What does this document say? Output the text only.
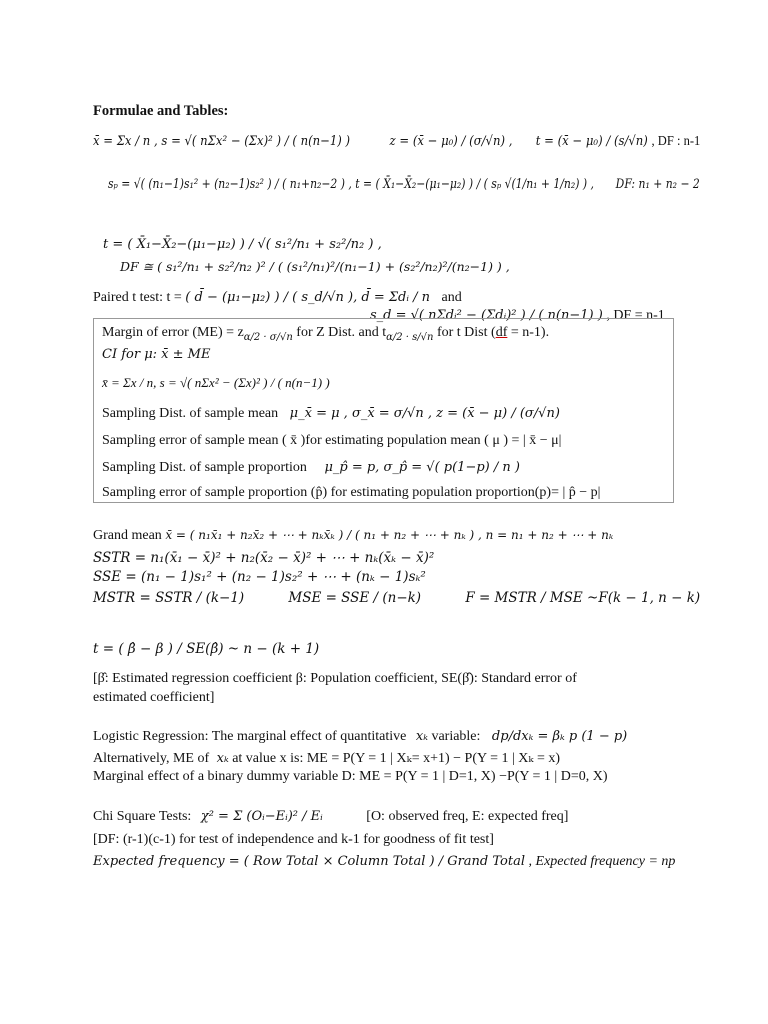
Formulae and Tables:
x̄ = Σx / n , s = √( nΣx² − (Σx)² ) / ( n(n−1) )	z = (x̄ − μ₀) / (σ/√n) , t = (x̄ − μ₀) / (s/√n) , DF : n-1
sₚ = √( (n₁−1)s₁² + (n₂−1)s₂² ) / ( n₁+n₂−2 ) , t = ( X̄₁−X̄₂−(μ₁−μ₂) ) / ( sₚ √(1/n₁ + 1/n₂) ) , DF: n₁ + n₂ − 2
t = ( X̄₁−X̄₂−(μ₁−μ₂) ) / √( s₁²/n₁ + s₂²/n₂ ) ,
DF ≅ ( s₁²/n₁ + s₂²/n₂ )² / ( (s₁²/n₁)²/(n₁−1) + (s₂²/n₂)²/(n₂−1) ) ,
Paired t test: t = ( d̄ − (μ₁−μ₂) ) / ( s_d/√n ), d̄ = Σdᵢ / n and
s_d = √( nΣdᵢ² − (Σdᵢ)² ) / ( n(n−1) ) , DF = n-1
Margin of error $(ME) = z_{\alpha/2 \cdot \sigma/√n}$ for Z Dist. and $t_{\alpha/2 \cdot s/√n}$ for t Dist (df = n-1).
CI for μ: x̄ ± ME
x̄ = Σx / n, s = √( nΣx² − (Σx)² ) / ( n(n−1) )
Sampling Dist. of sample mean μ_x̄ = μ , σ_x̄ = σ/√n , z = (x̄ − μ) / (σ/√n)
Sampling error of sample mean ( x̄ )for estimating population mean ( μ ) = | x̄ − μ|
Sampling Dist. of sample proportion μ_p̂ = p, σ_p̂ = √( p(1−p) / n )
Sampling error of sample proportion (p̂) for estimating population proportion(p)= | p̂ − p|
Grand mean x̄ = ( n₁x̄₁ + n₂x̄₂ + ⋯ + nₖx̄ₖ ) / ( n₁ + n₂ + ⋯ + nₖ ) , n = n₁ + n₂ + ⋯ + nₖ
SSTR = n₁(x̄₁ − x̄)² + n₂(x̄₂ − x̄)² + ⋯ + nₖ(x̄ₖ − x̄)²
SSE = (n₁ − 1)s₁² + (n₂ − 1)s₂² + ⋯ + (nₖ − 1)sₖ²
MSTR = SSTR / (k−1)	MSE = SSE / (n−k)	F = MSTR / MSE ~F(k − 1, n − k)
t = ( β̂ − β ) / SE(β̂) ~ n − (k + 1)
[β̂: Estimated regression coefficient β: Population coefficient, SE(β̂): Standard error of
estimated coefficient]
Logistic Regression: The marginal effect of quantitative xₖ variable: dp/dxₖ = βₖ p (1 − p)
Alternatively, ME of xₖ at value x is: ME = P(Y = 1 | Xₖ= x+1) − P(Y = 1 | Xₖ = x)
Marginal effect of a binary dummy variable D: ME = P(Y = 1 | D=1, X) −P(Y = 1 | D=0, X)
Chi Square Tests: χ² = Σ (Oᵢ−Eᵢ)² / Eᵢ	[O: observed freq, E: expected freq]
[DF: (r-1)(c-1) for test of independence and k-1 for goodness of fit test]
Expected frequency = ( Row Total × Column Total ) / Grand Total , Expected frequency = np
